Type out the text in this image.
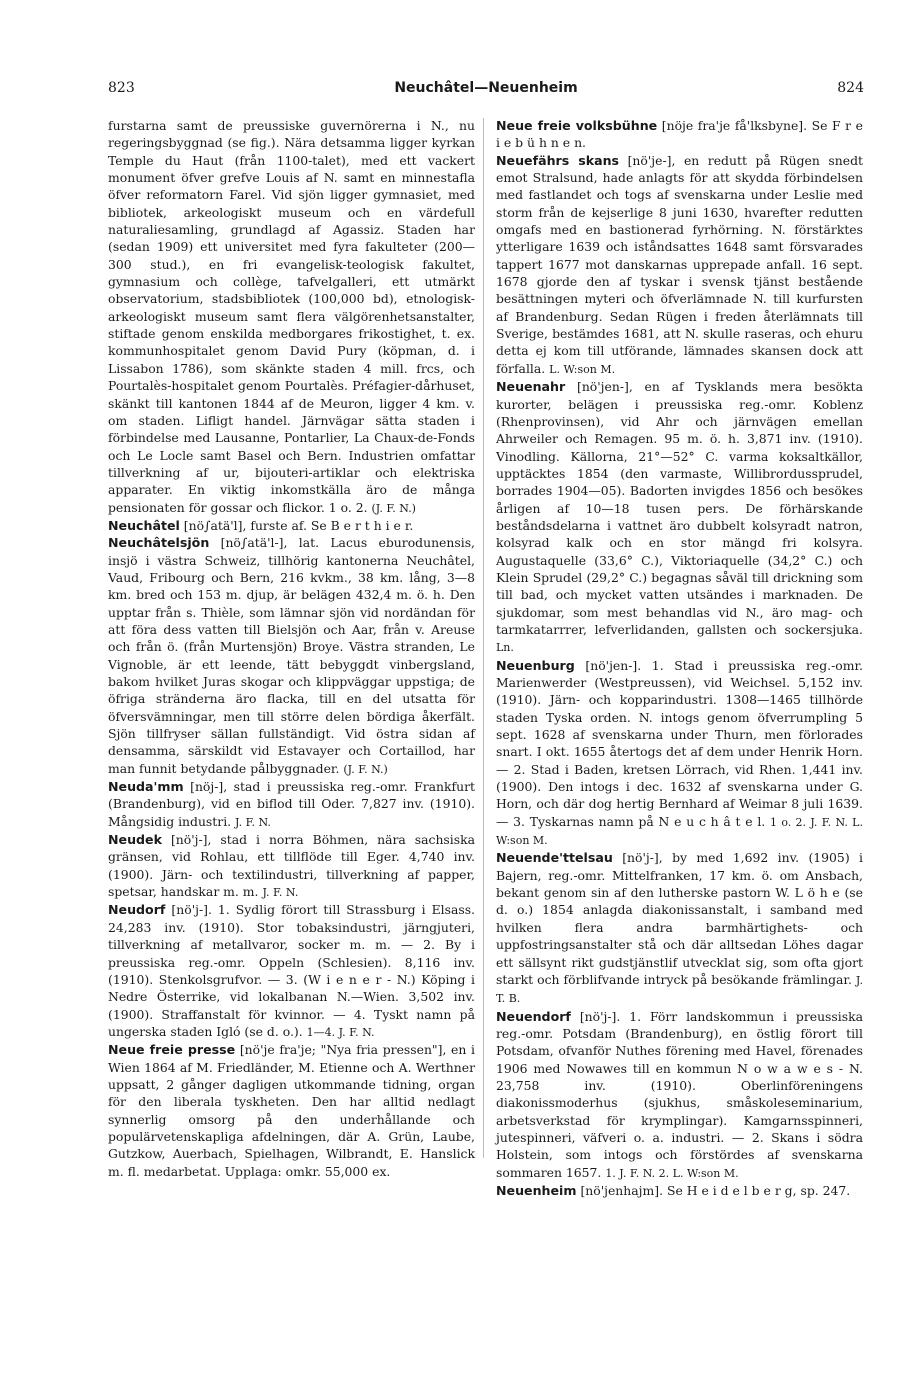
823	Neuchâtel—Neuenheim	824

furstarna samt de preussiske guvernörerna i N., nu regeringsbyggnad (se fig.). Nära detsamma ligger kyrkan Temple du Haut (från 1100-talet), med ett vackert monument öfver grefve Louis af N. samt en minnestafla öfver reformatorn Farel. Vid sjön ligger gymnasiet, med bibliotek, arkeologiskt museum och en värdefull naturaliesamling, grundlagd af Agassiz. Staden har (sedan 1909) ett universitet med fyra fakulteter (200—300 stud.), en fri evangelisk-teologisk fakultet, gymnasium och collège, tafvelgalleri, ett utmärkt observatorium, stadsbibliotek (100,000 bd), etnologisk-arkeologiskt museum samt flera välgörenhetsanstalter, stiftade genom enskilda medborgares frikostighet, t. ex. kommunhospitalet genom David Pury (köpman, d. i Lissabon 1786), som skänkte staden 4 mill. frcs, och Pourtalès-hospitalet genom Pourtalès. Préfagier-dårhuset, skänkt till kantonen 1844 af de Meuron, ligger 4 km. v. om staden. Lifligt handel. Järnvägar sätta staden i förbindelse med Lausanne, Pontarlier, La Chaux-de-Fonds och Le Locle samt Basel och Bern. Industrien omfattar tillverkning af ur, bijouteri-artiklar och elektriska apparater. En viktig inkomstkälla äro de många pensionaten för gossar och flickor. 1 o. 2. (J. F. N.)

Neuchâtel [nö∫atä'l], furste af. Se B e r t h i e r.

Neuchâtelsjön [nö∫atä'l-], lat. Lacus eburodunensis, insjö i västra Schweiz, tillhörig kantonerna Neuchâtel, Vaud, Fribourg och Bern, 216 kvkm., 38 km. lång, 3—8 km. bred och 153 m. djup, är belägen 432,4 m. ö. h. Den upptar från s. Thièle, som lämnar sjön vid nordändan för att föra dess vatten till Bielsjön och Aar, från v. Areuse och från ö. (från Murtensjön) Broye. Västra stranden, Le Vignoble, är ett leende, tätt bebyggdt vinbergsland, bakom hvilket Juras skogar och klippväggar uppstiga; de öfriga stränderna äro flacka, till en del utsatta för öfversvämningar, men till större delen bördiga åkerfält. Sjön tillfryser sällan fullständigt. Vid östra sidan af densamma, särskildt vid Estavayer och Cortaillod, har man funnit betydande pålbyggnader. (J. F. N.)

Neuda'mm [nöj-], stad i preussiska reg.-omr. Frankfurt (Brandenburg), vid en biflod till Oder. 7,827 inv. (1910). Mångsidig industri. J. F. N.

Neudek [nö'j-], stad i norra Böhmen, nära sachsiska gränsen, vid Rohlau, ett tillflöde till Eger. 4,740 inv. (1900). Järn- och textilindustri, tillverkning af papper, spetsar, handskar m. m. J. F. N.

Neudorf [nö'j-]. 1. Sydlig förort till Strassburg i Elsass. 24,283 inv. (1910). Stor tobaksindustri, järngjuteri, tillverkning af metallvaror, socker m. m. — 2. By i preussiska reg.-omr. Oppeln (Schlesien). 8,116 inv. (1910). Stenkolsgrufvor. — 3. (W i e n e r - N.) Köping i Nedre Österrike, vid lokalbanan N.—Wien. 3,502 inv. (1900). Straffanstalt för kvinnor. — 4. Tyskt namn på ungerska staden Igló (se d. o.). 1—4. J. F. N.

Neue freie presse [nö'je fra'je; "Nya fria pressen"], en i Wien 1864 af M. Friedländer, M. Etienne och A. Werthner uppsatt, 2 gånger dagligen utkommande tidning, organ för den liberala tyskheten. Den har alltid nedlagt synnerlig omsorg på den underhållande och populärvetenskapliga afdelningen, där A. Grün, Laube, Gutzkow, Auerbach, Spielhagen, Wilbrandt, E. Hanslick m. fl. medarbetat. Upplaga: omkr. 55,000 ex.

Neue freie volksbühne [nöje fra'je få'lksbyne]. Se F r e i e b ü h n e n.

Neuefährs skans [nö'je-], en redutt på Rügen snedt emot Stralsund, hade anlagts för att skydda förbindelsen med fastlandet och togs af svenskarna under Leslie med storm från de kejserlige 8 juni 1630, hvarefter redutten omgafs med en bastionerad fyrhörning. N. förstärktes ytterligare 1639 och iståndsattes 1648 samt försvarades tappert 1677 mot danskarnas upprepade anfall. 16 sept. 1678 gjorde den af tyskar i svensk tjänst bestående besättningen myteri och öfverlämnade N. till kurfursten af Brandenburg. Sedan Rügen i freden återlämnats till Sverige, bestämdes 1681, att N. skulle raseras, och ehuru detta ej kom till utförande, lämnades skansen dock att förfalla. L. W:son M.

Neuenahr [nö'jen-], en af Tysklands mera besökta kurorter, belägen i preussiska reg.-omr. Koblenz (Rhenprovinsen), vid Ahr och järnvägen emellan Ahrweiler och Remagen. 95 m. ö. h. 3,871 inv. (1910). Vinodling. Källorna, 21°—52° C. varma koksaltkällor, upptäcktes 1854 (den varmaste, Willibrordussprudel, borrades 1904—05). Badorten invigdes 1856 och besökes årligen af 10—18 tusen pers. De förhärskande beståndsdelarna i vattnet äro dubbelt kolsyradt natron, kolsyrad kalk och en stor mängd fri kolsyra. Augustaquelle (33,6° C.), Viktoriaquelle (34,2° C.) och Klein Sprudel (29,2° C.) begagnas såväl till drickning som till bad, och mycket vatten utsändes i marknaden. De sjukdomar, som mest behandlas vid N., äro mag- och tarmkatarrrer, lefverlidanden, gallsten och sockersjuka. Ln.

Neuenburg [nö'jen-]. 1. Stad i preussiska reg.-omr. Marienwerder (Westpreussen), vid Weichsel. 5,152 inv. (1910). Järn- och kopparindustri. 1308—1465 tillhörde staden Tyska orden. N. intogs genom öfverrumpling 5 sept. 1628 af svenskarna under Thurn, men förlorades snart. I okt. 1655 återtogs det af dem under Henrik Horn. — 2. Stad i Baden, kretsen Lörrach, vid Rhen. 1,441 inv. (1900). Den intogs i dec. 1632 af svenskarna under G. Horn, och där dog hertig Bernhard af Weimar 8 juli 1639. — 3. Tyskarnas namn på N e u c h â t e l. 1 o. 2. J. F. N. L. W:son M.

Neuende'ttelsau [nö'j-], by med 1,692 inv. (1905) i Bajern, reg.-omr. Mittelfranken, 17 km. ö. om Ansbach, bekant genom sin af den lutherske pastorn W. L ö h e (se d. o.) 1854 anlagda diakonissanstalt, i samband med hvilken flera andra barmhärtighets- och uppfostringsanstalter stå och där alltsedan Löhes dagar ett sällsynt rikt gudstjänstlif utvecklat sig, som ofta gjort starkt och förblifvande intryck på besökande främlingar. J. T. B.

Neuendorf [nö'j-]. 1. Förr landskommun i preussiska reg.-omr. Potsdam (Brandenburg), en östlig förort till Potsdam, ofvanför Nuthes förening med Havel, förenades 1906 med Nowawes till en kommun N o w a w e s - N. 23,758 inv. (1910). Oberlinföreningens diakonissmoderhus (sjukhus, småskoleseminarium, arbetsverkstad för krymplingar). Kamgarnsspinneri, jutespinneri, väfveri o. a. industri. — 2. Skans i södra Holstein, som intogs och förstördes af svenskarna sommaren 1657. 1. J. F. N. 2. L. W:son M.

Neuenheim [nö'jenhajm]. Se H e i d e l b e r g, sp. 247.
